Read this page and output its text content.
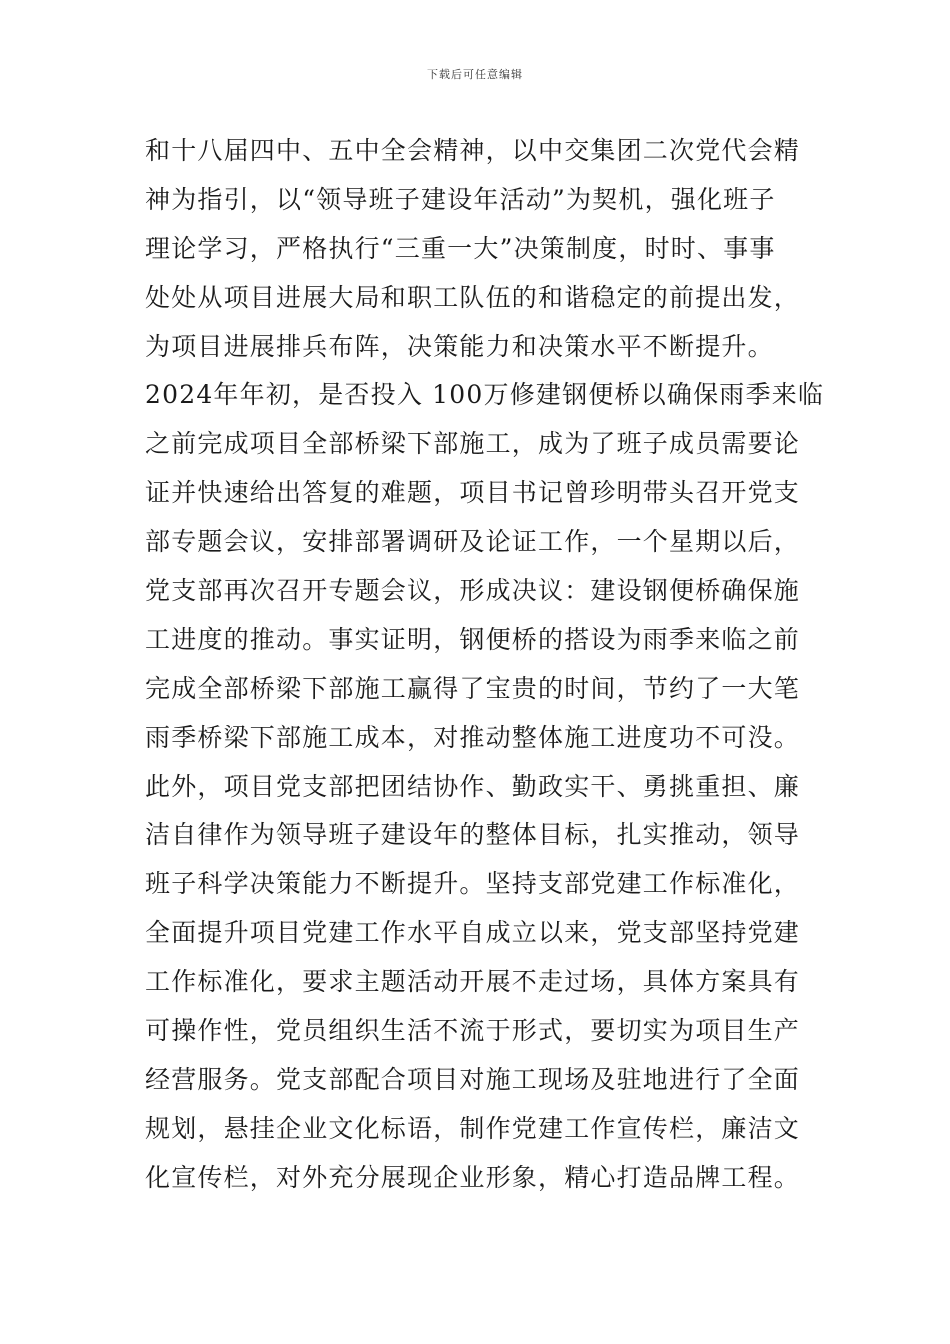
下载后可任意编辑
和十八届四中、五中全会精神，以中交集团二次党代会精
神为指引，以“领导班子建设年活动”为契机，强化班子
理论学习，严格执行“三重一大”决策制度，时时、事事
处处从项目进展大局和职工队伍的和谐稳定的前提出发，
为项目进展排兵布阵，决策能力和决策水平不断提升。
2024年年初，是否投入 100万修建钢便桥以确保雨季来临
之前完成项目全部桥梁下部施工，成为了班子成员需要论
证并快速给出答复的难题，项目书记曾珍明带头召开党支
部专题会议，安排部署调研及论证工作，一个星期以后，
党支部再次召开专题会议，形成决议：建设钢便桥确保施
工进度的推动。事实证明，钢便桥的搭设为雨季来临之前
完成全部桥梁下部施工赢得了宝贵的时间，节约了一大笔
雨季桥梁下部施工成本，对推动整体施工进度功不可没。
此外，项目党支部把团结协作、勤政实干、勇挑重担、廉
洁自律作为领导班子建设年的整体目标，扎实推动，领导
班子科学决策能力不断提升。坚持支部党建工作标准化，
全面提升项目党建工作水平自成立以来，党支部坚持党建
工作标准化，要求主题活动开展不走过场，具体方案具有
可操作性，党员组织生活不流于形式，要切实为项目生产
经营服务。党支部配合项目对施工现场及驻地进行了全面
规划，悬挂企业文化标语，制作党建工作宣传栏，廉洁文
化宣传栏，对外充分展现企业形象，精心打造品牌工程。
